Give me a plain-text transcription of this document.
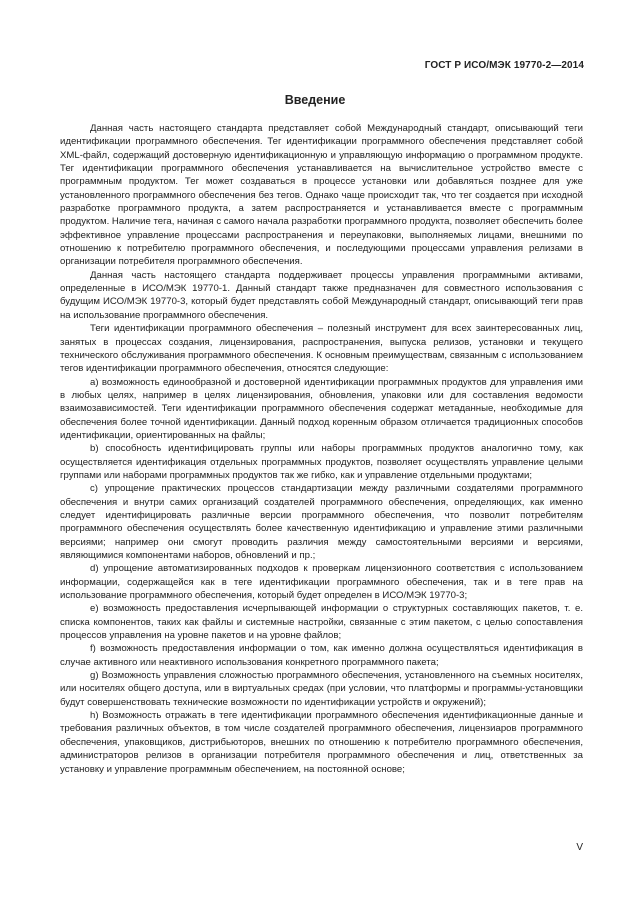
ГОСТ Р ИСО/МЭК 19770-2—2014
Введение

Данная часть настоящего стандарта представляет собой Международный стандарт, описывающий теги идентификации программного обеспечения. Тег идентификации программного обеспечения представляет собой XML-файл, содержащий достоверную идентификационную и управляющую информацию о программном продукте. Тег идентификации программного обеспечения устанавливается на вычислительное устройство вместе с программным продуктом. Тег может создаваться в процессе установки или добавляться позднее для уже установленного программного обеспечения без тегов. Однако чаще происходит так, что тег создается при исходной разработке программного продукта, а затем распространяется и устанавливается вместе с программным продуктом. Наличие тега, начиная с самого начала разработки программного продукта, позволяет обеспечить более эффективное управление процессами распространения и переупаковки, выполняемых лицами, внешними по отношению к потребителю программного обеспечения, и последующими процессами управления релизами в организации потребителя программного обеспечения.

Данная часть настоящего стандарта поддерживает процессы управления программными активами, определенные в ИСО/МЭК 19770-1. Данный стандарт также предназначен для совместного использования с будущим ИСО/МЭК 19770-3, который будет представлять собой Международный стандарт, описывающий теги прав на использование программного обеспечения.

Теги идентификации программного обеспечения – полезный инструмент для всех заинтересованных лиц, занятых в процессах создания, лицензирования, распространения, выпуска релизов, установки и текущего технического обслуживания программного обеспечения. К основным преимуществам, связанным с использованием тегов идентификации программного обеспечения, относятся следующие:

a) возможность единообразной и достоверной идентификации программных продуктов для управления ими в любых целях, например в целях лицензирования, обновления, упаковки или для составления ведомости взаимозависимостей. Теги идентификации программного обеспечения содержат метаданные, необходимые для обеспечения более точной идентификации. Данный подход коренным образом отличается традиционных способов идентификации, ориентированных на файлы;

b) способность идентифицировать группы или наборы программных продуктов аналогично тому, как осуществляется идентификация отдельных программных продуктов, позволяет осуществлять управление целыми группами или наборами программных продуктов так же гибко, как и управление отдельными продуктами;

c) упрощение практических процессов стандартизации между различными создателями программного обеспечения и внутри самих организаций создателей программного обеспечения, определяющих, как именно следует идентифицировать различные версии программного обеспечения, что позволит потребителям программного обеспечения осуществлять более качественную идентификацию и управление этими различными версиями; например они смогут проводить различия между самостоятельными версиями и версиями, являющимися компонентами наборов, обновлений и пр.;

d) упрощение автоматизированных подходов к проверкам лицензионного соответствия с использованием информации, содержащейся как в теге идентификации программного обеспечения, так и в теге прав на использование программного обеспечения, который будет определен в ИСО/МЭК 19770-3;

e) возможность предоставления исчерпывающей информации о структурных составляющих пакетов, т. е. списка компонентов, таких как файлы и системные настройки, связанные с этим пакетом, с целью сопоставления процессов управления на уровне пакетов и на уровне файлов;

f) возможность предоставления информации о том, как именно должна осуществляться идентификация в случае активного или неактивного использования конкретного программного пакета;

g) Возможность управления сложностью программного обеспечения, установленного на съемных носителях, или носителях общего доступа, или в виртуальных средах (при условии, что платформы и программы-установщики будут совершенствовать технические возможности по идентификации устройств и окружений);

h) Возможность отражать в теге идентификации программного обеспечения идентификационные данные и требования различных объектов, в том числе создателей программного обеспечения, лицензиаров программного обеспечения, упаковщиков, дистрибьюторов, внешних по отношению к потребителю программного обеспечения, администраторов релизов в организации потребителя программного обеспечения и лиц, ответственных за установку и управление программным обеспечением, на постоянной основе;

V
